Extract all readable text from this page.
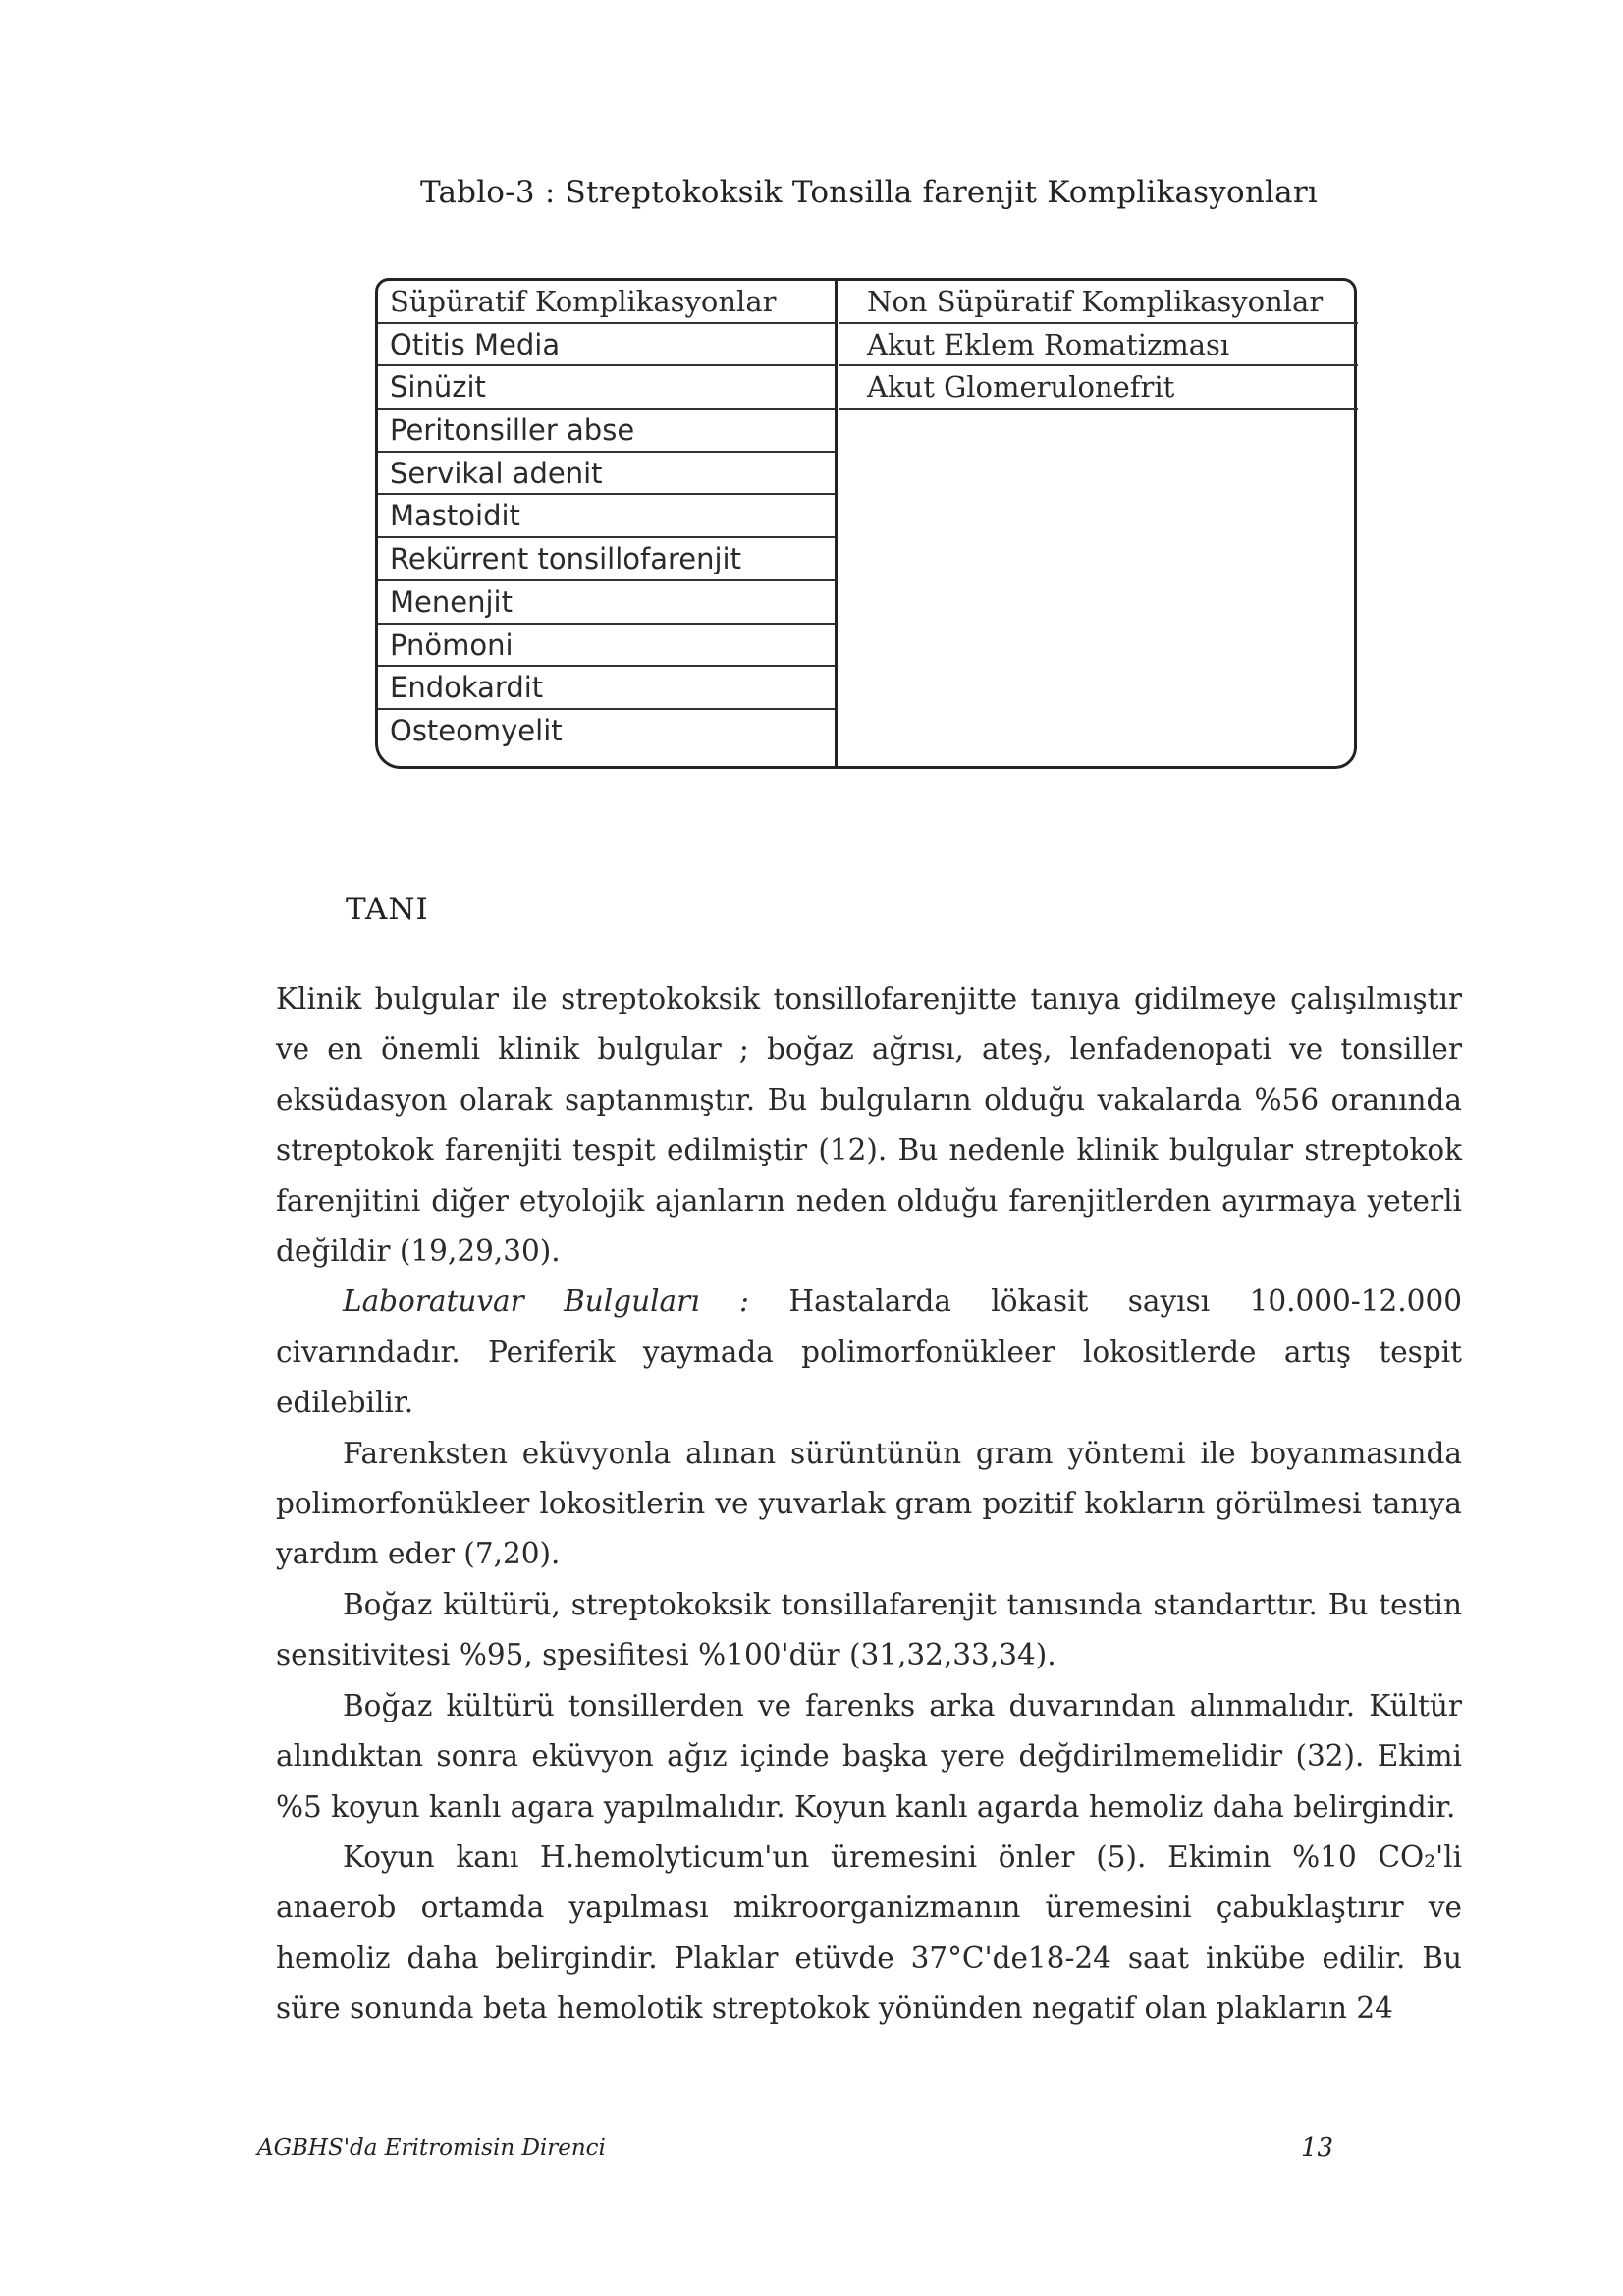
Tablo-3 : Streptokoksik Tonsilla farenjit Komplikasyonları
Süpüratif Komplikasyonlar
Otitis Media
Sinüzit
Peritonsiller abse
Servikal adenit
Mastoidit
Rekürrent tonsillofarenjit
Menenjit
Pnömoni
Endokardit
Osteomyelit
Non Süpüratif Komplikasyonlar
Akut Eklem Romatizması
Akut Glomerulonefrit
TANI

Klinik bulgular ile streptokoksik tonsillofarenjitte tanıya gidilmeye çalışılmıştır ve en önemli klinik bulgular ; boğaz ağrısı, ateş, lenfadenopati ve tonsiller eksüdasyon olarak saptanmıştır. Bu bulguların olduğu vakalarda %56 oranında streptokok farenjiti tespit edilmiştir (12). Bu nedenle klinik bulgular streptokok farenjitini diğer etyolojik ajanların neden olduğu farenjitlerden ayırmaya yeterli değildir (19,29,30).

Laboratuvar Bulguları : Hastalarda lökasit sayısı 10.000-12.000 civarındadır. Periferik yaymada polimorfonükleer lokositlerde artış tespit edilebilir.

Farenksten eküvyonla alınan sürüntünün gram yöntemi ile boyanmasında polimorfonükleer lokositlerin ve yuvarlak gram pozitif kokların görülmesi tanıya yardım eder (7,20).

Boğaz kültürü, streptokoksik tonsillafarenjit tanısında standarttır. Bu testin sensitivitesi %95, spesifitesi %100'dür (31,32,33,34).

Boğaz kültürü tonsillerden ve farenks arka duvarından alınmalıdır. Kültür alındıktan sonra eküvyon ağız içinde başka yere değdirilmemelidir (32). Ekimi %5 koyun kanlı agara yapılmalıdır. Koyun kanlı agarda hemoliz daha belirgindir.

Koyun kanı H.hemolyticum'un üremesini önler (5). Ekimin %10 CO₂'li anaerob ortamda yapılması mikroorganizmanın üremesini çabuklaştırır ve hemoliz daha belirgindir. Plaklar etüvde 37°C'de18-24 saat inkübe edilir. Bu süre sonunda beta hemolotik streptokok yönünden negatif olan plakların 24

AGBHS'da Eritromisin Direnci	13
